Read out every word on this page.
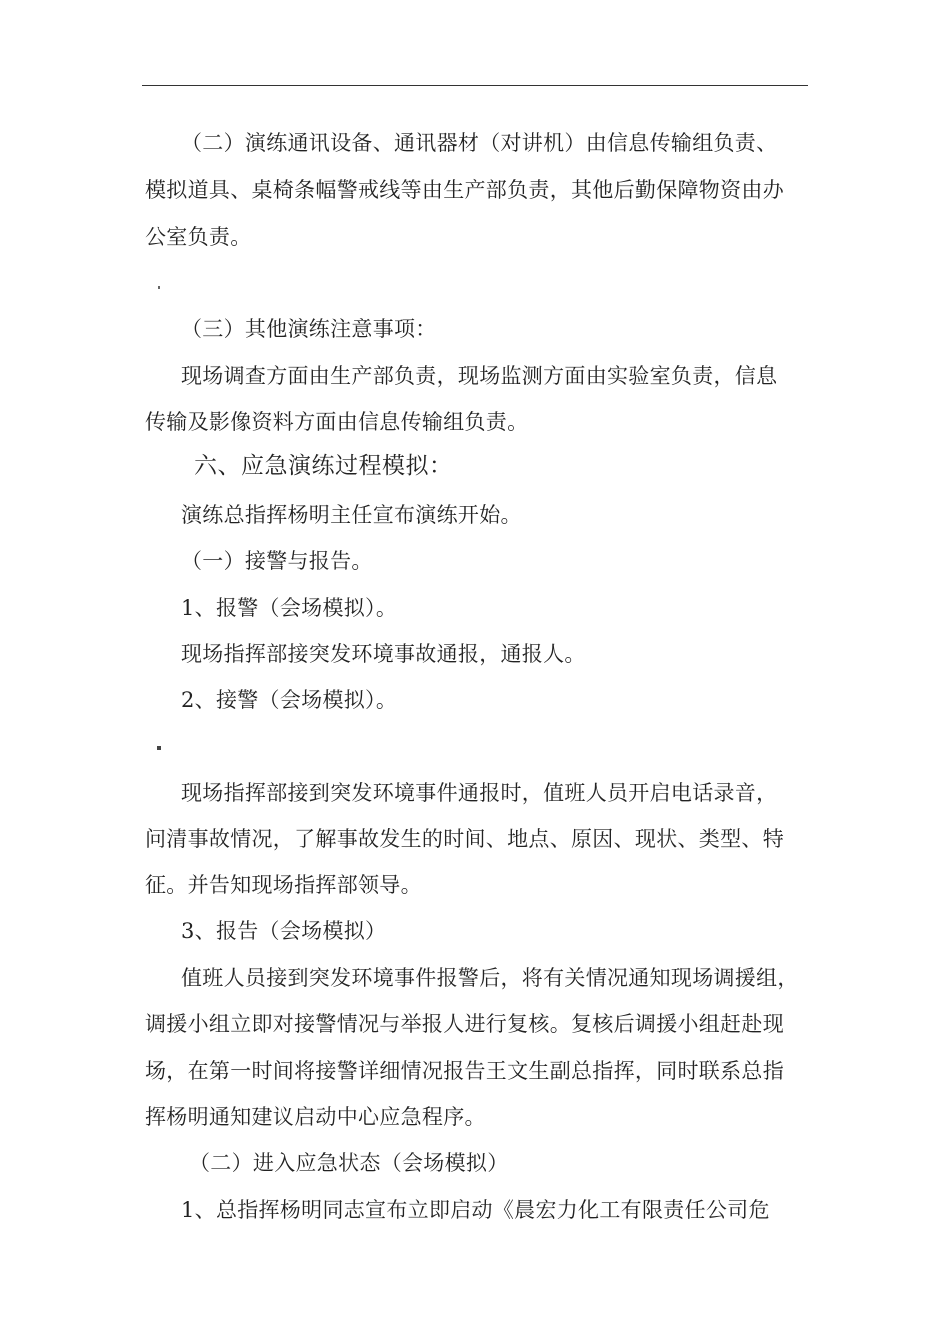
（二）演练通讯设备、通讯器材（对讲机）由信息传输组负责、
模拟道具、桌椅条幅警戒线等由生产部负责，其他后勤保障物资由办
公室负责。
（三）其他演练注意事项：
现场调查方面由生产部负责，现场监测方面由实验室负责，信息
传输及影像资料方面由信息传输组负责。
六、应急演练过程模拟：
演练总指挥杨明主任宣布演练开始。
（一）接警与报告。
1、报警（会场模拟）。
现场指挥部接突发环境事故通报，通报人。
2、接警（会场模拟）。
现场指挥部接到突发环境事件通报时，值班人员开启电话录音，
问清事故情况，了解事故发生的时间、地点、原因、现状、类型、特
征。并告知现场指挥部领导。
3、报告（会场模拟）
值班人员接到突发环境事件报警后，将有关情况通知现场调援组，
调援小组立即对接警情况与举报人进行复核。复核后调援小组赶赴现
场，在第一时间将接警详细情况报告王文生副总指挥，同时联系总指
挥杨明通知建议启动中心应急程序。
（二）进入应急状态（会场模拟）
1、总指挥杨明同志宣布立即启动《晨宏力化工有限责任公司危
